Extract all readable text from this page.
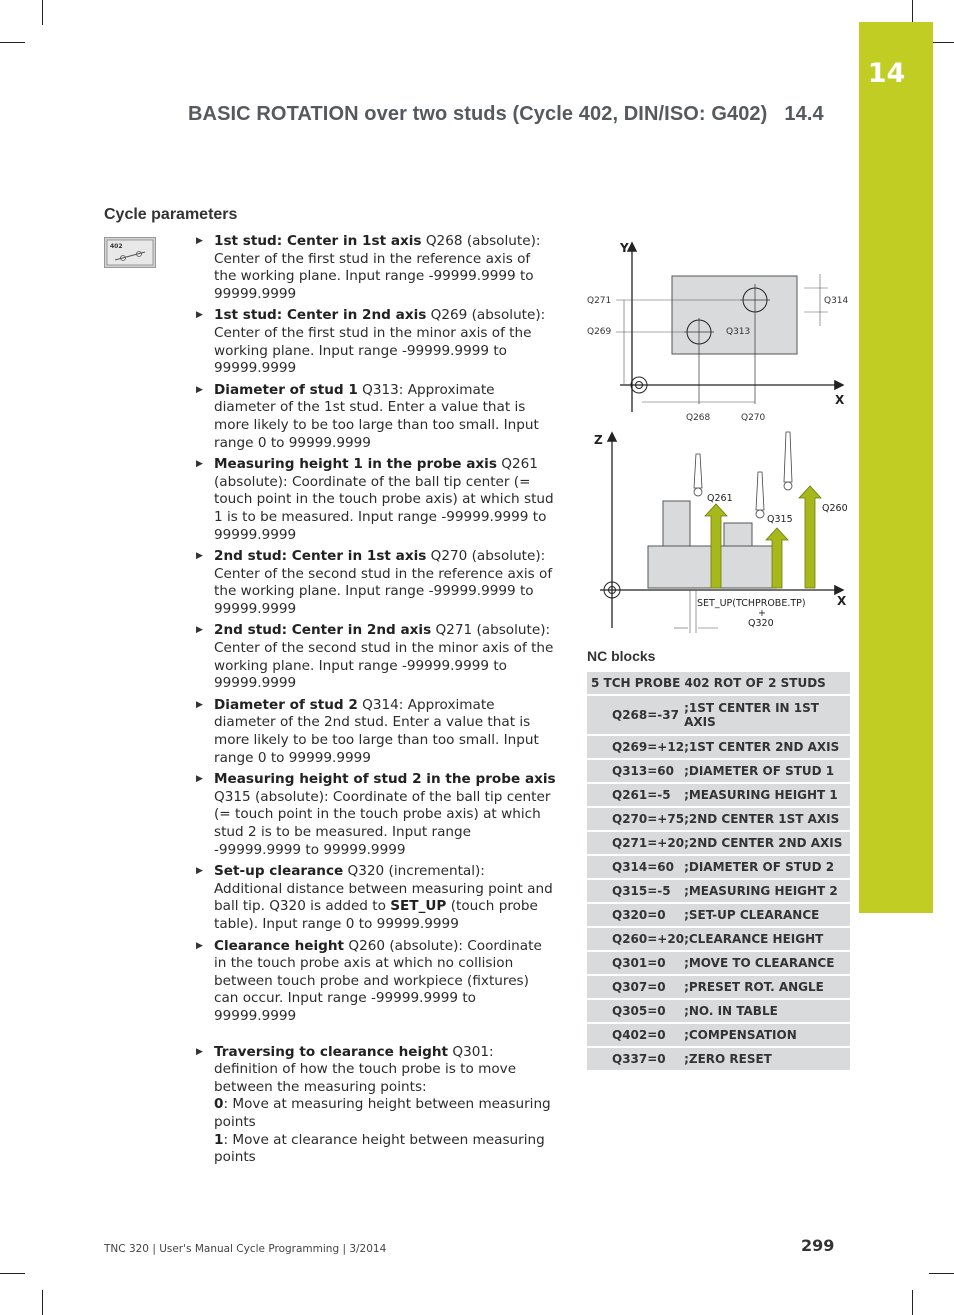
14
BASIC ROTATION over two studs (Cycle 402, DIN/ISO: G402) 14.4
Cycle parameters
402
▶ 1st stud: Center in 1st axis Q268 (absolute): Center of the first stud in the reference axis of the working plane. Input range -99999.9999 to 99999.9999
▶ 1st stud: Center in 2nd axis Q269 (absolute): Center of the first stud in the minor axis of the working plane. Input range -99999.9999 to 99999.9999
▶ Diameter of stud 1 Q313: Approximate diameter of the 1st stud. Enter a value that is more likely to be too large than too small. Input range 0 to 99999.9999
▶ Measuring height 1 in the probe axis Q261 (absolute): Coordinate of the ball tip center (= touch point in the touch probe axis) at which stud 1 is to be measured. Input range -99999.9999 to 99999.9999
▶ 2nd stud: Center in 1st axis Q270 (absolute): Center of the second stud in the reference axis of the working plane. Input range -99999.9999 to 99999.9999
▶ 2nd stud: Center in 2nd axis Q271 (absolute): Center of the second stud in the minor axis of the working plane. Input range -99999.9999 to 99999.9999
▶ Diameter of stud 2 Q314: Approximate diameter of the 2nd stud. Enter a value that is more likely to be too large than too small. Input range 0 to 99999.9999
▶ Measuring height of stud 2 in the probe axis Q315 (absolute): Coordinate of the ball tip center (= touch point in the touch probe axis) at which stud 2 is to be measured. Input range -99999.9999 to 99999.9999
▶ Set-up clearance Q320 (incremental): Additional distance between measuring point and ball tip. Q320 is added to SET_UP (touch probe table). Input range 0 to 99999.9999
▶ Clearance height Q260 (absolute): Coordinate in the touch probe axis at which no collision between touch probe and workpiece (fixtures) can occur. Input range -99999.9999 to 99999.9999
▶ Traversing to clearance height Q301: definition of how the touch probe is to move between the measuring points:
0: Move at measuring height between measuring points
1: Move at clearance height between measuring points
Y
X
Q271
Q269	Q313
Q314
Q268	Q270
Z
X
Q261
Q315
Q260
SET_UP(TCHPROBE.TP)
+
Q320
NC blocks
5 TCH PROBE 402 ROT OF 2 STUDS	
Q268=-37	;1ST CENTER IN 1ST AXIS
Q269=+12	;1ST CENTER 2ND AXIS
Q313=60	;DIAMETER OF STUD 1
Q261=-5	;MEASURING HEIGHT 1
Q270=+75	;2ND CENTER 1ST AXIS
Q271=+20	;2ND CENTER 2ND AXIS
Q314=60	;DIAMETER OF STUD 2
Q315=-5	;MEASURING HEIGHT 2
Q320=0	;SET-UP CLEARANCE
Q260=+20	;CLEARANCE HEIGHT
Q301=0	;MOVE TO CLEARANCE
Q307=0	;PRESET ROT. ANGLE
Q305=0	;NO. IN TABLE
Q402=0	;COMPENSATION
Q337=0	;ZERO RESET
TNC 320 | User's Manual Cycle Programming | 3/2014	299
